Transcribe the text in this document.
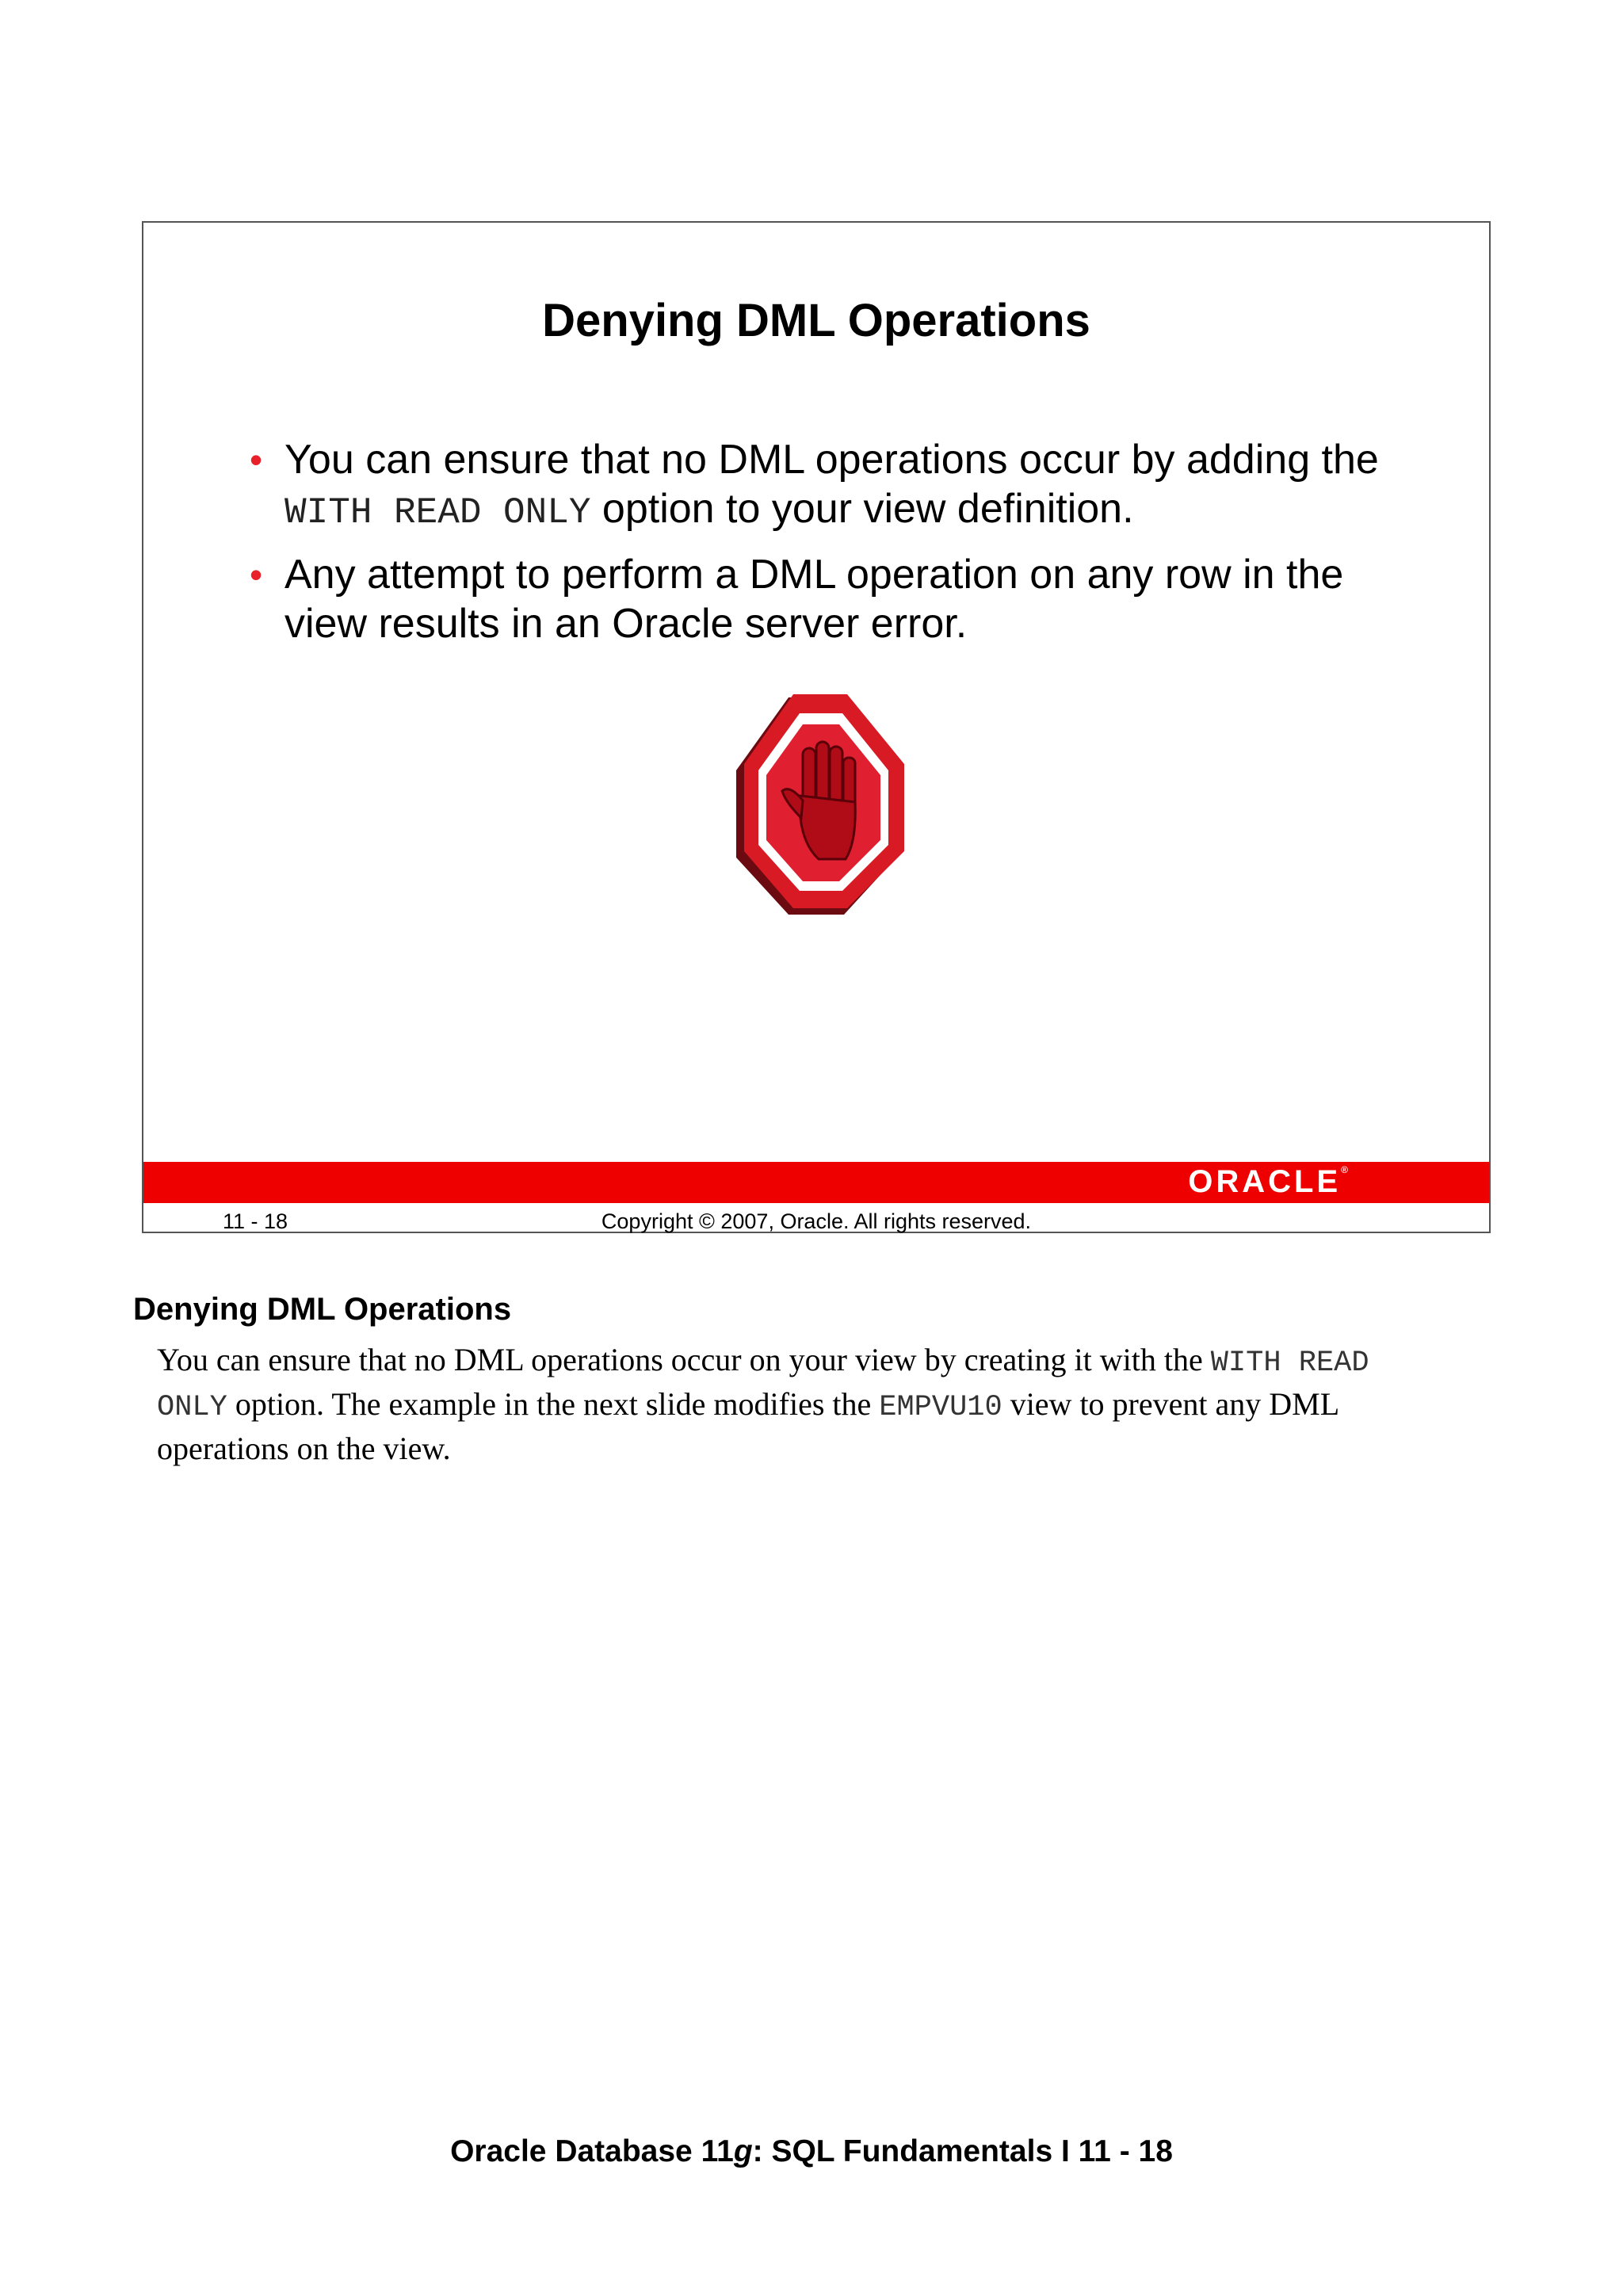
Denying DML Operations
• You can ensure that no DML operations occur by adding the WITH READ ONLY option to your view definition.
• Any attempt to perform a DML operation on any row in the view results in an Oracle server error.
ORACLE®
11 - 18	Copyright © 2007, Oracle. All rights reserved.
Denying DML Operations
You can ensure that no DML operations occur on your view by creating it with the WITH READ ONLY option. The example in the next slide modifies the EMPVU10 view to prevent any DML operations on the view.
Oracle Database 11g: SQL Fundamentals I 11 - 18
